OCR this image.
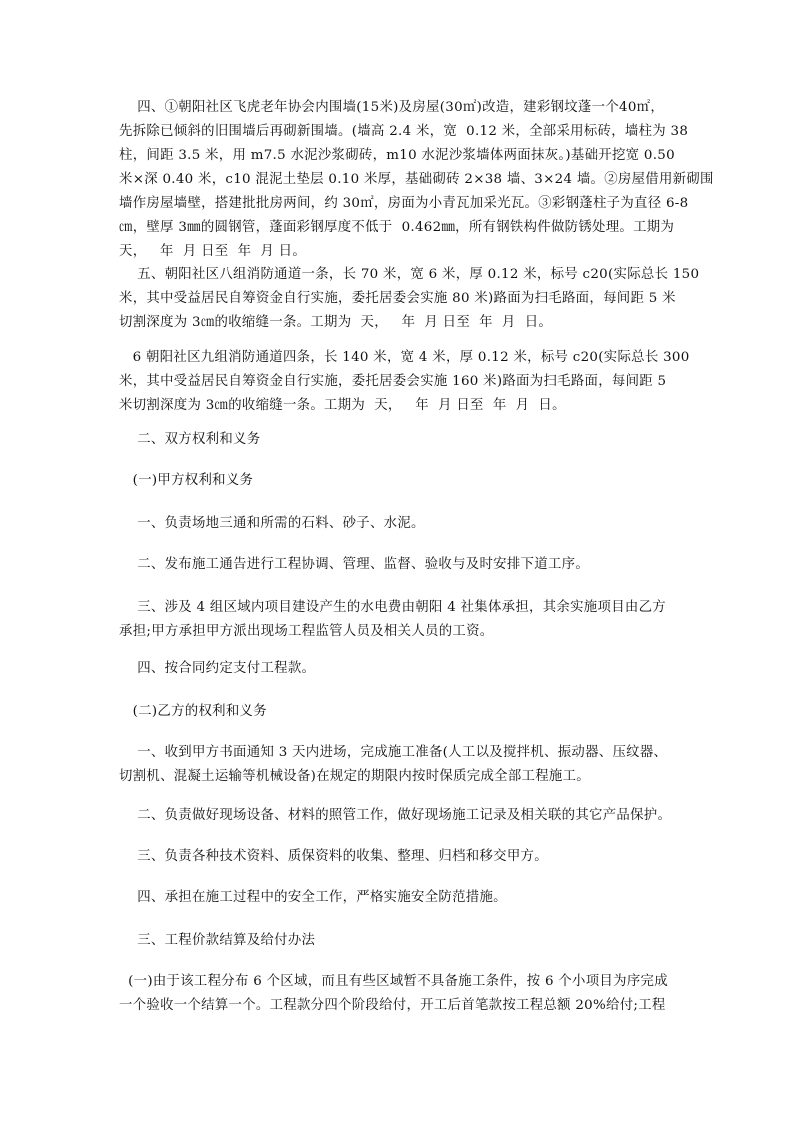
四、①朝阳社区飞虎老年协会内围墙(15米)及房屋(30㎡)改造，建彩钢坟蓬一个40㎡，
先拆除已倾斜的旧围墙后再砌新围墙。(墙高 2.4 米，宽  0.12 米，全部采用标砖，墙柱为 38
柱，间距 3.5 米，用 m7.5 水泥沙浆砌砖，m10 水泥沙浆墙体两面抹灰。)基础开挖宽 0.50
米×深 0.40 米，c10 混泥土垫层 0.10 米厚，基础砌砖 2×38 墙、3×24 墙。②房屋借用新砌围
墙作房屋墙壁，搭建批批房两间，约 30㎡，房面为小青瓦加采光瓦。③彩钢蓬柱子为直径 6-8
㎝，壁厚 3㎜的圆钢管，蓬面彩钢厚度不低于  0.462㎜，所有钢铁构件做防锈处理。工期为
天，   年  月 日至  年  月 日。
五、朝阳社区八组消防通道一条，长 70 米，宽 6 米，厚 0.12 米，标号 c20(实际总长 150
米，其中受益居民自筹资金自行实施，委托居委会实施 80 米)路面为扫毛路面，每间距 5 米
切割深度为 3㎝的收缩缝一条。工期为  天，   年  月 日至  年  月  日。
6 朝阳社区九组消防通道四条，长 140 米，宽 4 米，厚 0.12 米，标号 c20(实际总长 300
米，其中受益居民自筹资金自行实施，委托居委会实施 160 米)路面为扫毛路面，每间距 5
米切割深度为 3㎝的收缩缝一条。工期为  天，   年  月 日至  年  月  日。
二、双方权利和义务
(一)甲方权利和义务
一、负责场地三通和所需的石料、砂子、水泥。
二、发布施工通告进行工程协调、管理、监督、验收与及时安排下道工序。
三、涉及 4 组区域内项目建设产生的水电费由朝阳 4 社集体承担，其余实施项目由乙方
承担;甲方承担甲方派出现场工程监管人员及相关人员的工资。
四、按合同约定支付工程款。
(二)乙方的权利和义务
一、收到甲方书面通知 3 天内进场，完成施工准备(人工以及搅拌机、振动器、压纹器、
切割机、混凝土运输等机械设备)在规定的期限内按时保质完成全部工程施工。
二、负责做好现场设备、材料的照管工作，做好现场施工记录及相关联的其它产品保护。
三、负责各种技术资料、质保资料的收集、整理、归档和移交甲方。
四、承担在施工过程中的安全工作，严格实施安全防范措施。
三、工程价款结算及给付办法
(一)由于该工程分布 6 个区域，而且有些区域暂不具备施工条件，按 6 个小项目为序完成
一个验收一个结算一个。工程款分四个阶段给付，开工后首笔款按工程总额 20%给付;工程
